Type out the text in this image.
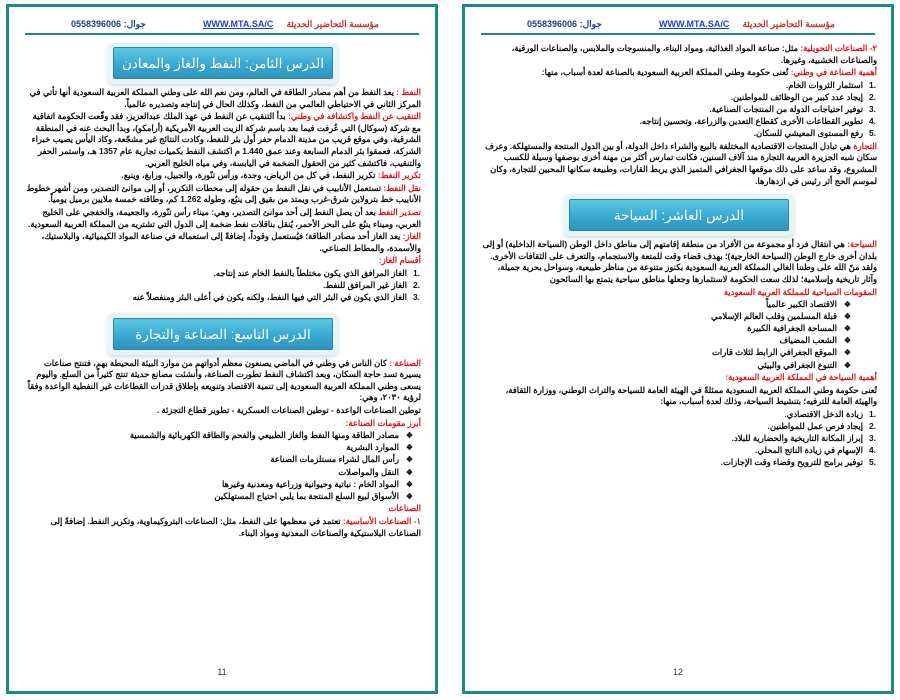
جوال: 0558396006	WWW.MTA.SA/C مؤسسة التحاضير الحديثة
الدرس الثامن: النفط والغاز والمعادن

النفط : يعد النفط من أهم مصادر الطاقة في العالم، ومن نعم الله على وطني المملكة العربية السعودية أنها تأتي في المركز الثاني في الاحتياطي العالمي من النفط، وكذلك الحال في إنتاجه وتصديره عالمياً.

التنقيب عن النفط واكتشافه في وطني: بدأ التنقيب عن النفط في عهد الملك عبدالعزيز، فقد وقّعت الحكومة اتفاقية مع شركة (سوكال) التي عُرفت فيما بعد باسم شركة الزيت العربية الأمريكية (أرامكو)، وبدأ البحث عنه في المنطقة الشرقية، وفي موقع قريب من مدينة الدمام حفر أول بئر للنفط، وكادت النتائج غير مشجّعة، وكاد اليأس يصيب خبراء الشركة، فعمقوا بئر الدمام السابعة وعند عمق 1.440 م اكتشف النفط بكميات تجارية عام 1357 هـ، واستمر الحفر والتنقيب، فاكتشف كثير من الحقول الضخمة في اليابسة، وفي مياه الخليج العربي.

تكرير النفط: تكرير النفط، في كل من الرياض، وجدة، ورأس تنّورة، والجبيل، ورابغ، وينبع.

نقل النفط: تستعمل الأنابيب في نقل النفط من حقوله إلى محطات التكرير، أو إلى موانئ التصدير، ومن أشهر خطوط الأنابيب خط بترولاين شرق-غرب ويمتد من بقيق إلى ينبُع، وطوله 1.262 كم، وطاقته خمسة ملايين برميل يومياً.

تصدير النفط بعد أن يصل النفط إلى أحد موانئ التصدير، وهي: ميناء رأس تنّورة، والجعيمة، والخفجي على الخليج العربي، وميناء ينبُع على البحر الأحمر، يُنقل بناقلات نفط ضخمة إلى الدول التي تشتريه من المملكة العربية السعودية.

الغاز: يعد الغاز أحد مصادر الطاقة؛ فيُستعمل وقوداً، إضافةً إلى استعماله في صناعة المواد الكيميائية، والبلاستيك، والأسمدة، والمطاط الصناعي.

أقسام الغاز:
.1
الغاز المرافق الذي يكون مختلطاً بالنفط الخام عند إنتاجه.
.2
الغاز غير المرافق للنفط.
.3
الغاز الذي يكون في البئر التي فيها النفط، ولكنه يكون في أعلى البئر ومنفصلاً عنه
الدرس التاسع: الصناعة والتجارة

الصناعة : كان الناس في وطني في الماضي يصنعون معظم أدواتهم من موارد البيئة المحيطة بهم، فتنتج صناعات يسيرة تسد حاجة السكان، وبعد اكتشاف النفط تطورت الصناعة، وأنشئت مصانع حديثة تنتج كثيراً من السلع. واليوم يسعى وطني المملكة العربية السعودية إلى تنمية الاقتصاد وتنويعه بإطلاق قدرات القطاعات غير النفطية الواعدة وفقاً لرؤية ٢٠٣٠، وهي:

توطين الصناعات الواعدة - توطين الصناعات العسكرية - تطوير قطاع التجزئة .

أبرز مقومات الصناعة:
❖ مصادر الطاقة ومنها النفط والغاز الطبيعي والفحم والطاقة الكهربائية والشمسية
❖ الموارد البشرية
❖ رأس المال لشراء مستلزمات الصناعة
❖ النقل والمواصلات
❖ المواد الخام : نباتية وحيوانية وزراعية ومعدنية وغيرها
❖ الأسواق لبيع السلع المنتجة بما يلبي احتياج المستهلكين
الصناعات

١- الصناعات الأساسية: تعتمد في معظمها على النفط، مثل: الصناعات البتروكيماوية، وتكرير النفط. إضافةً إلى الصناعات البلاستيكية والصناعات المعدنية ومواد البناء.

11
جوال: 0558396006	WWW.MTA.SA/C مؤسسة التحاضير الحديثة

٢- الصناعات التحويلية: مثل: صناعة المواد الغذائية، ومواد البناء، والمنسوجات والملابس، والصناعات الورقية، والصناعات الخشبية، وغيرها.

أهمية الصناعة في وطني: تُعنى حكومة وطني المملكة العربية السعودية بالصناعة لعدة أسباب، منها:

.1
استثمار الثروات الخام.
.2
إيجاد عدد كبير من الوظائف للمواطنين.
.3
توفير احتياجات الدولة من المنتجات الصناعية.
.4
تطوير القطاعات الأخرى كقطاع التعدين والزراعة، وتحسين إنتاجه.
.5
رفع المستوى المعيشي للسكان.

التجارة هي تبادل المنتجات الاقتصادية المختلفة بالبيع والشراء داخل الدولة، أو بين الدول المنتجة والمستهلكة. وعرف سكان شبه الجزيرة العربية التجارة منذ آلاف السنين، فكانت تمارس أكثر من مهنة أخرى بوصفها وسيلة للكسب المشروع، وقد ساعد على ذلك موقعها الجغرافي المتميز الذي يربط القارات، وطبيعة سكانها المحبين للتجارة، وكان لموسم الحج أثر رئيس في ازدهارها.

الدرس العاشر: السياحة

السياحة: هي انتقال فرد أو مجموعة من الأفراد من منطقة إقامتهم إلى مناطق داخل الوطن (السياحة الداخلية) أو إلى بلدان أخرى خارج الوطن (السياحة الخارجية)؛ بهدف قضاء وقت للمتعة والاستجمام، والتعرف على الثقافات الأخرى. ولقد منّ الله على وطننا الغالي المملكة العربية السعودية بكنوز متنوعة من مناظر طبيعية، وسواحل بحرية جميلة، وآثار تاريخية وإسلامية؛ لذلك سعت الحكومة لاستثمارها وجعلها مناطق سياحية يتمتع بها السائحون

المقومات السياحية للمملكة العربية السعودية
❖ الاقتصاد الكبير عالمياً
❖ قبلة المسلمين وقلب العالم الإسلامي
❖ المساحة الجغرافية الكبيرة
❖ الشعب المضياف
❖ الموقع الجغرافي الرابط لثلاث قارات
❖ التنوع الجغرافي والبيئي
أهمية السياحة في المملكة العربية السعودية:

تُعنى حكومة وطني المملكة العربية السعودية ممثلةً في الهيئة العامة للسياحة والتراث الوطني، ووزارة الثقافة، والهيئة العامة للترفيه؛ بتنشيط السياحة، وذلك لعدة أسباب، منها:

.1
زيادة الدخل الاقتصادي.
.2
إيجاد فرص عمل للمواطنين.
.3
إبراز المكانة التاريخية والحضارية للبلاد.
.4
الإسهام في زيادة الناتج المحلي.
.5
توفير برامج للترويح وقضاء وقت الإجازات.
12
